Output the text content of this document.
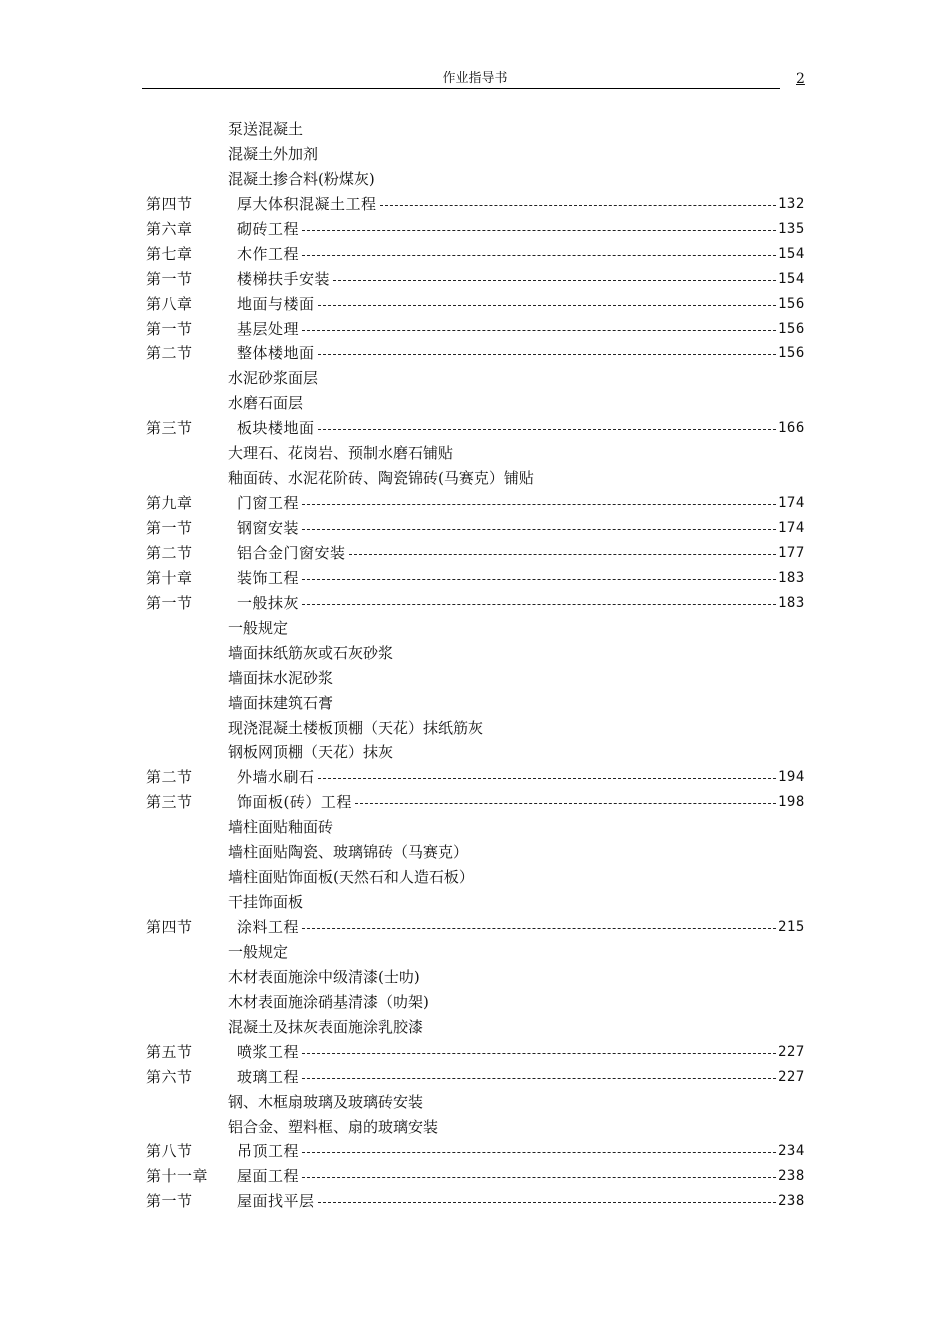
作业指导书	2
泵送混凝土
混凝土外加剂
混凝土掺合料(粉煤灰)
第四节	厚大体积混凝土工程	132
第六章	砌砖工程	135
第七章	木作工程	154
第一节	楼梯扶手安装	154
第八章	地面与楼面	156
第一节	基层处理	156
第二节	整体楼地面	156
水泥砂浆面层
水磨石面层
第三节	板块楼地面	166
大理石、花岗岩、预制水磨石铺贴
釉面砖、水泥花阶砖、陶瓷锦砖(马赛克）铺贴
第九章	门窗工程	174
第一节	钢窗安装	174
第二节	铝合金门窗安装	177
第十章	装饰工程	183
第一节	一般抹灰	183
一般规定
墙面抹纸筋灰或石灰砂浆
墙面抹水泥砂浆
墙面抹建筑石膏
现浇混凝土楼板顶棚（天花）抹纸筋灰
钢板网顶棚（天花）抹灰
第二节	外墙水刷石	194
第三节	饰面板(砖）工程	198
墙柱面贴釉面砖
墙柱面贴陶瓷、玻璃锦砖（马赛克）
墙柱面贴饰面板(天然石和人造石板）
干挂饰面板
第四节	涂料工程	215
一般规定
木材表面施涂中级清漆(士叻)
木材表面施涂硝基清漆（叻架)
混凝土及抹灰表面施涂乳胶漆
第五节	喷浆工程	227
第六节	玻璃工程	227
钢、木框扇玻璃及玻璃砖安装
铝合金、塑料框、扇的玻璃安装
第八节	吊顶工程	234
第十一章 屋面工程	238
第一节	屋面找平层	238
